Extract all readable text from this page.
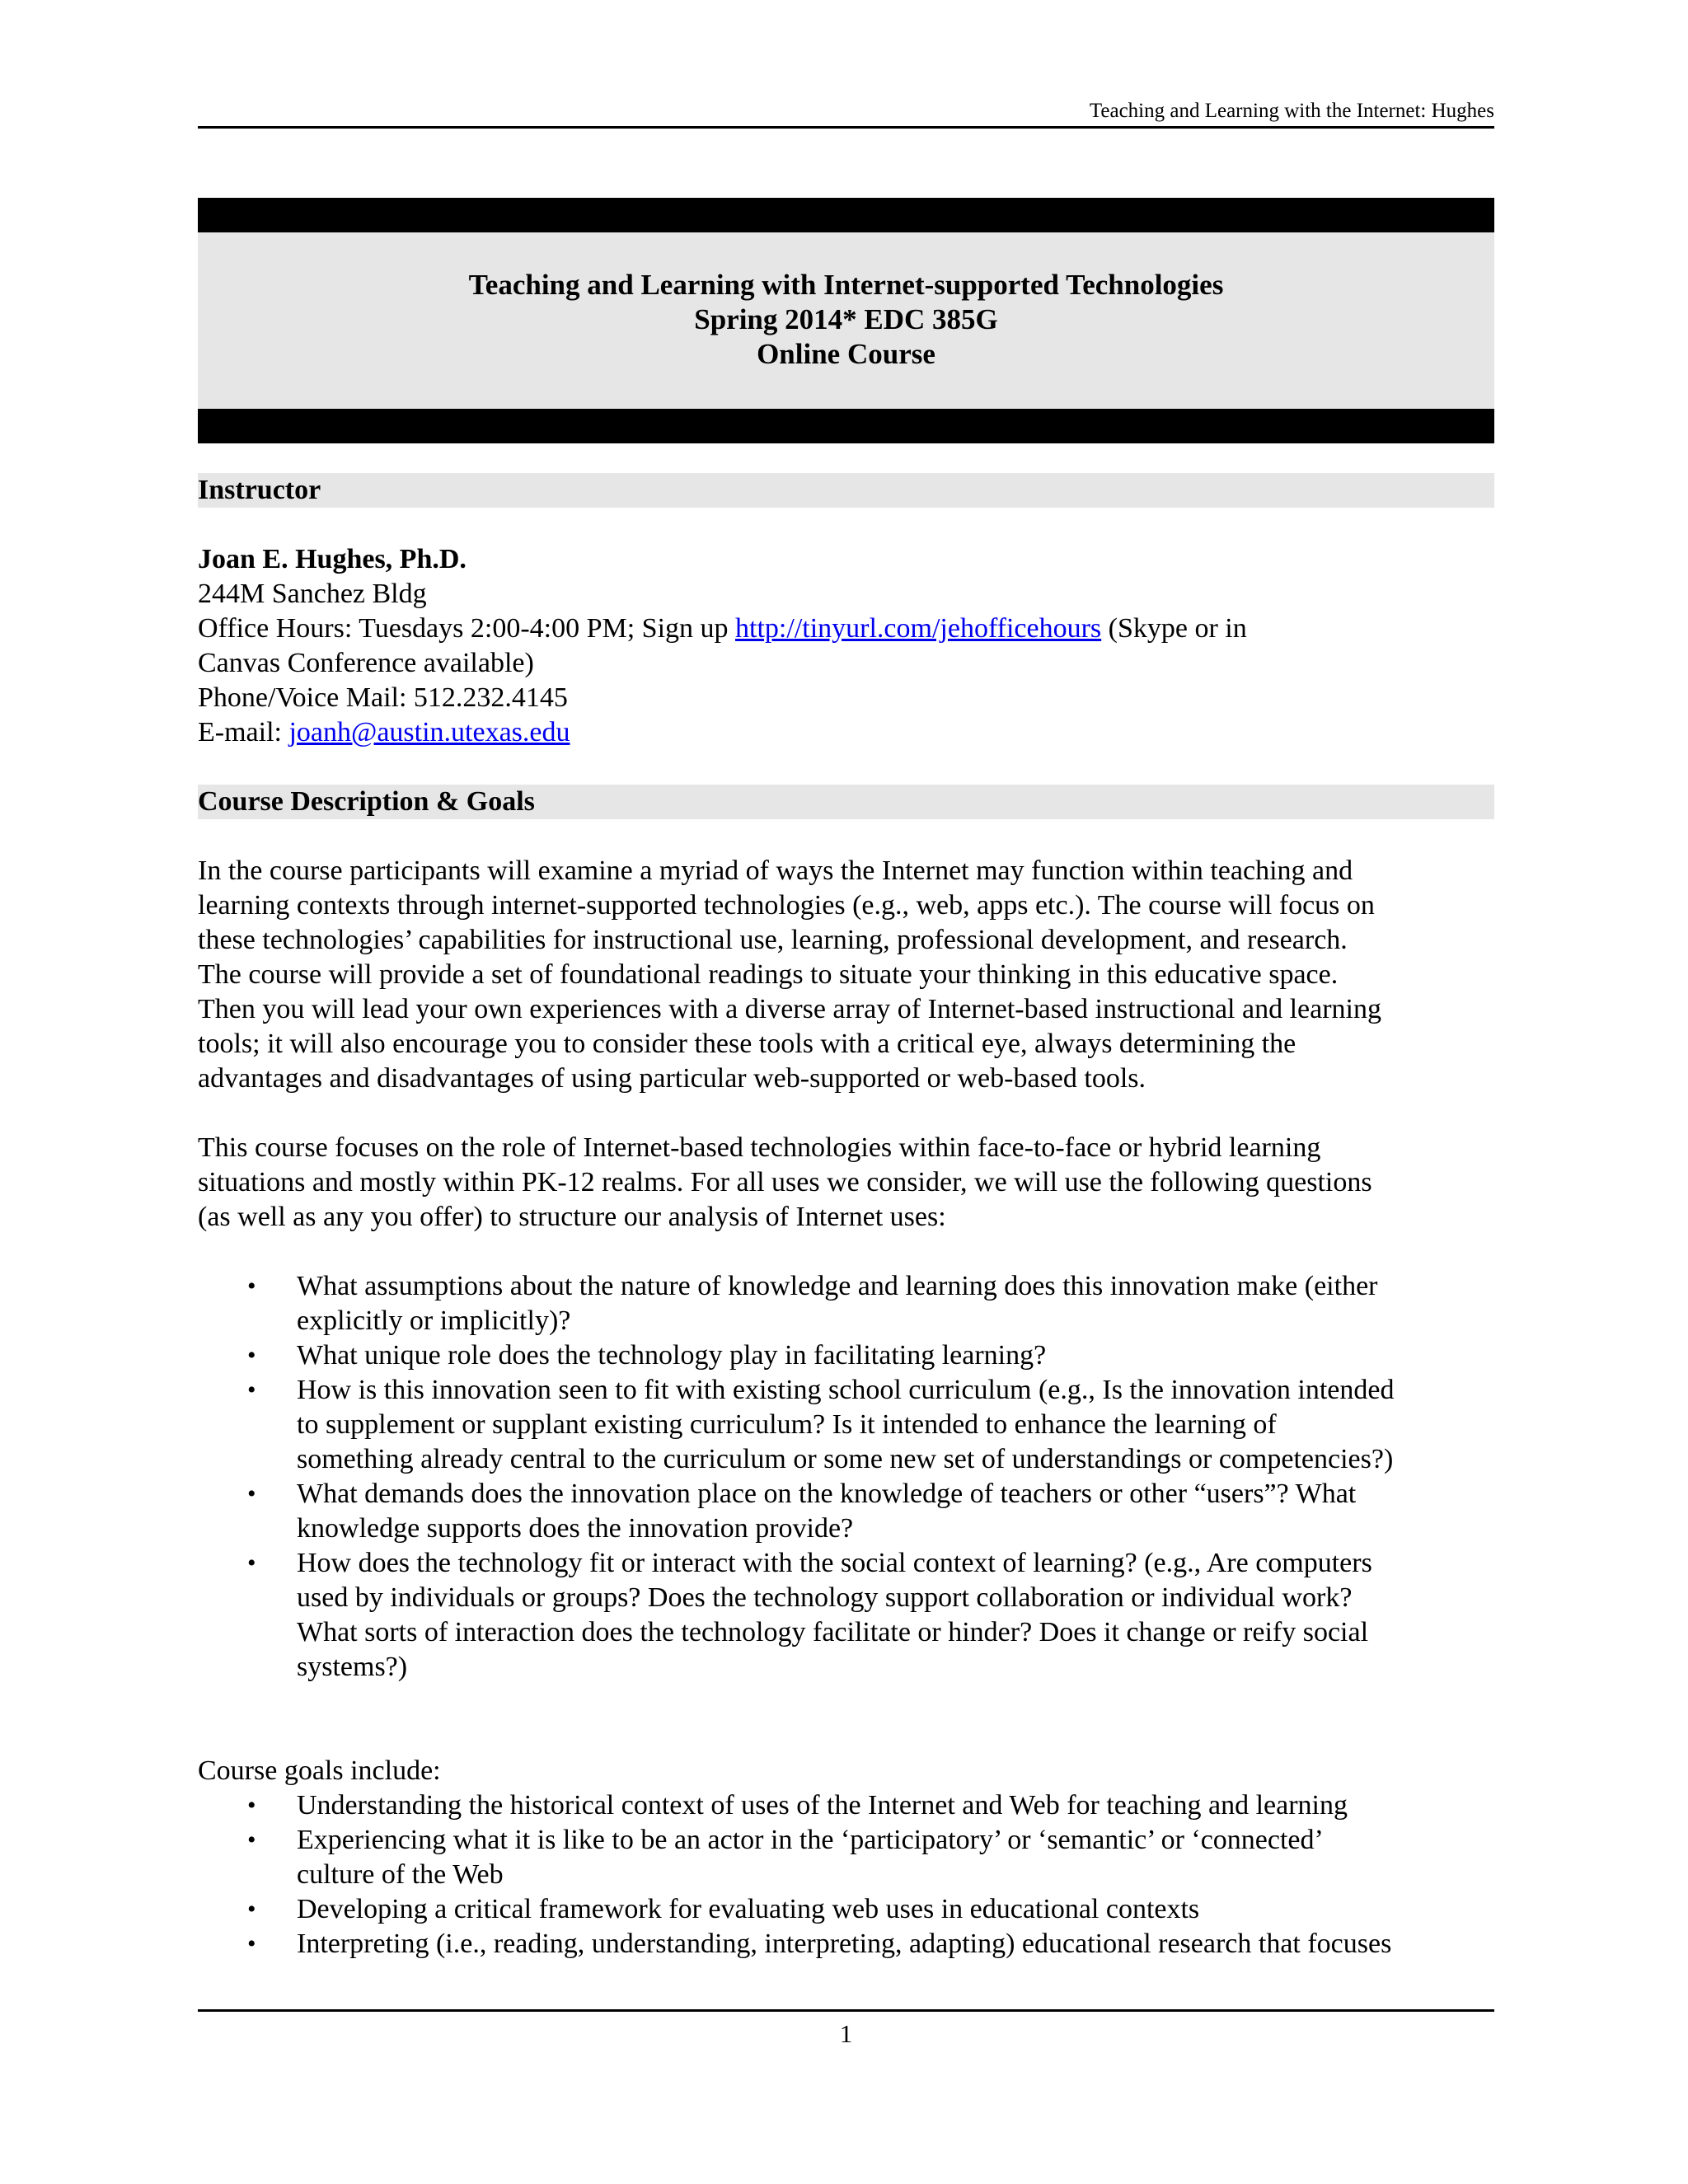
Teaching and Learning with the Internet: Hughes
Teaching and Learning with Internet-supported Technologies
Spring 2014* EDC 385G
Online Course
Instructor

Joan E. Hughes, Ph.D.

244M Sanchez Bldg

Office Hours: Tuesdays 2:00-4:00 PM; Sign up http://tinyurl.com/jehofficehours (Skype or in

Canvas Conference available)

Phone/Voice Mail: 512.232.4145

E-mail: joanh@austin.utexas.edu

Course Description & Goals

In the course participants will examine a myriad of ways the Internet may function within teaching and

learning contexts through internet-supported technologies (e.g., web, apps etc.). The course will focus on

these technologies’ capabilities for instructional use, learning, professional development, and research.

The course will provide a set of foundational readings to situate your thinking in this educative space.

Then you will lead your own experiences with a diverse array of Internet-based instructional and learning

tools; it will also encourage you to consider these tools with a critical eye, always determining the

advantages and disadvantages of using particular web-supported or web-based tools.

This course focuses on the role of Internet-based technologies within face-to-face or hybrid learning

situations and mostly within PK-12 realms. For all uses we consider, we will use the following questions

(as well as any you offer) to structure our analysis of Internet uses:

• What assumptions about the nature of knowledge and learning does this innovation make (either

explicitly or implicitly)?

• What unique role does the technology play in facilitating learning?

• How is this innovation seen to fit with existing school curriculum (e.g., Is the innovation intended

to supplement or supplant existing curriculum? Is it intended to enhance the learning of

something already central to the curriculum or some new set of understandings or competencies?)

• What demands does the innovation place on the knowledge of teachers or other “users”? What

knowledge supports does the innovation provide?

• How does the technology fit or interact with the social context of learning? (e.g., Are computers

used by individuals or groups? Does the technology support collaboration or individual work?

What sorts of interaction does the technology facilitate or hinder? Does it change or reify social

systems?)

Course goals include:

• Understanding the historical context of uses of the Internet and Web for teaching and learning

• Experiencing what it is like to be an actor in the ‘participatory’ or ‘semantic’ or ‘connected’

culture of the Web

• Developing a critical framework for evaluating web uses in educational contexts

• Interpreting (i.e., reading, understanding, interpreting, adapting) educational research that focuses

1
